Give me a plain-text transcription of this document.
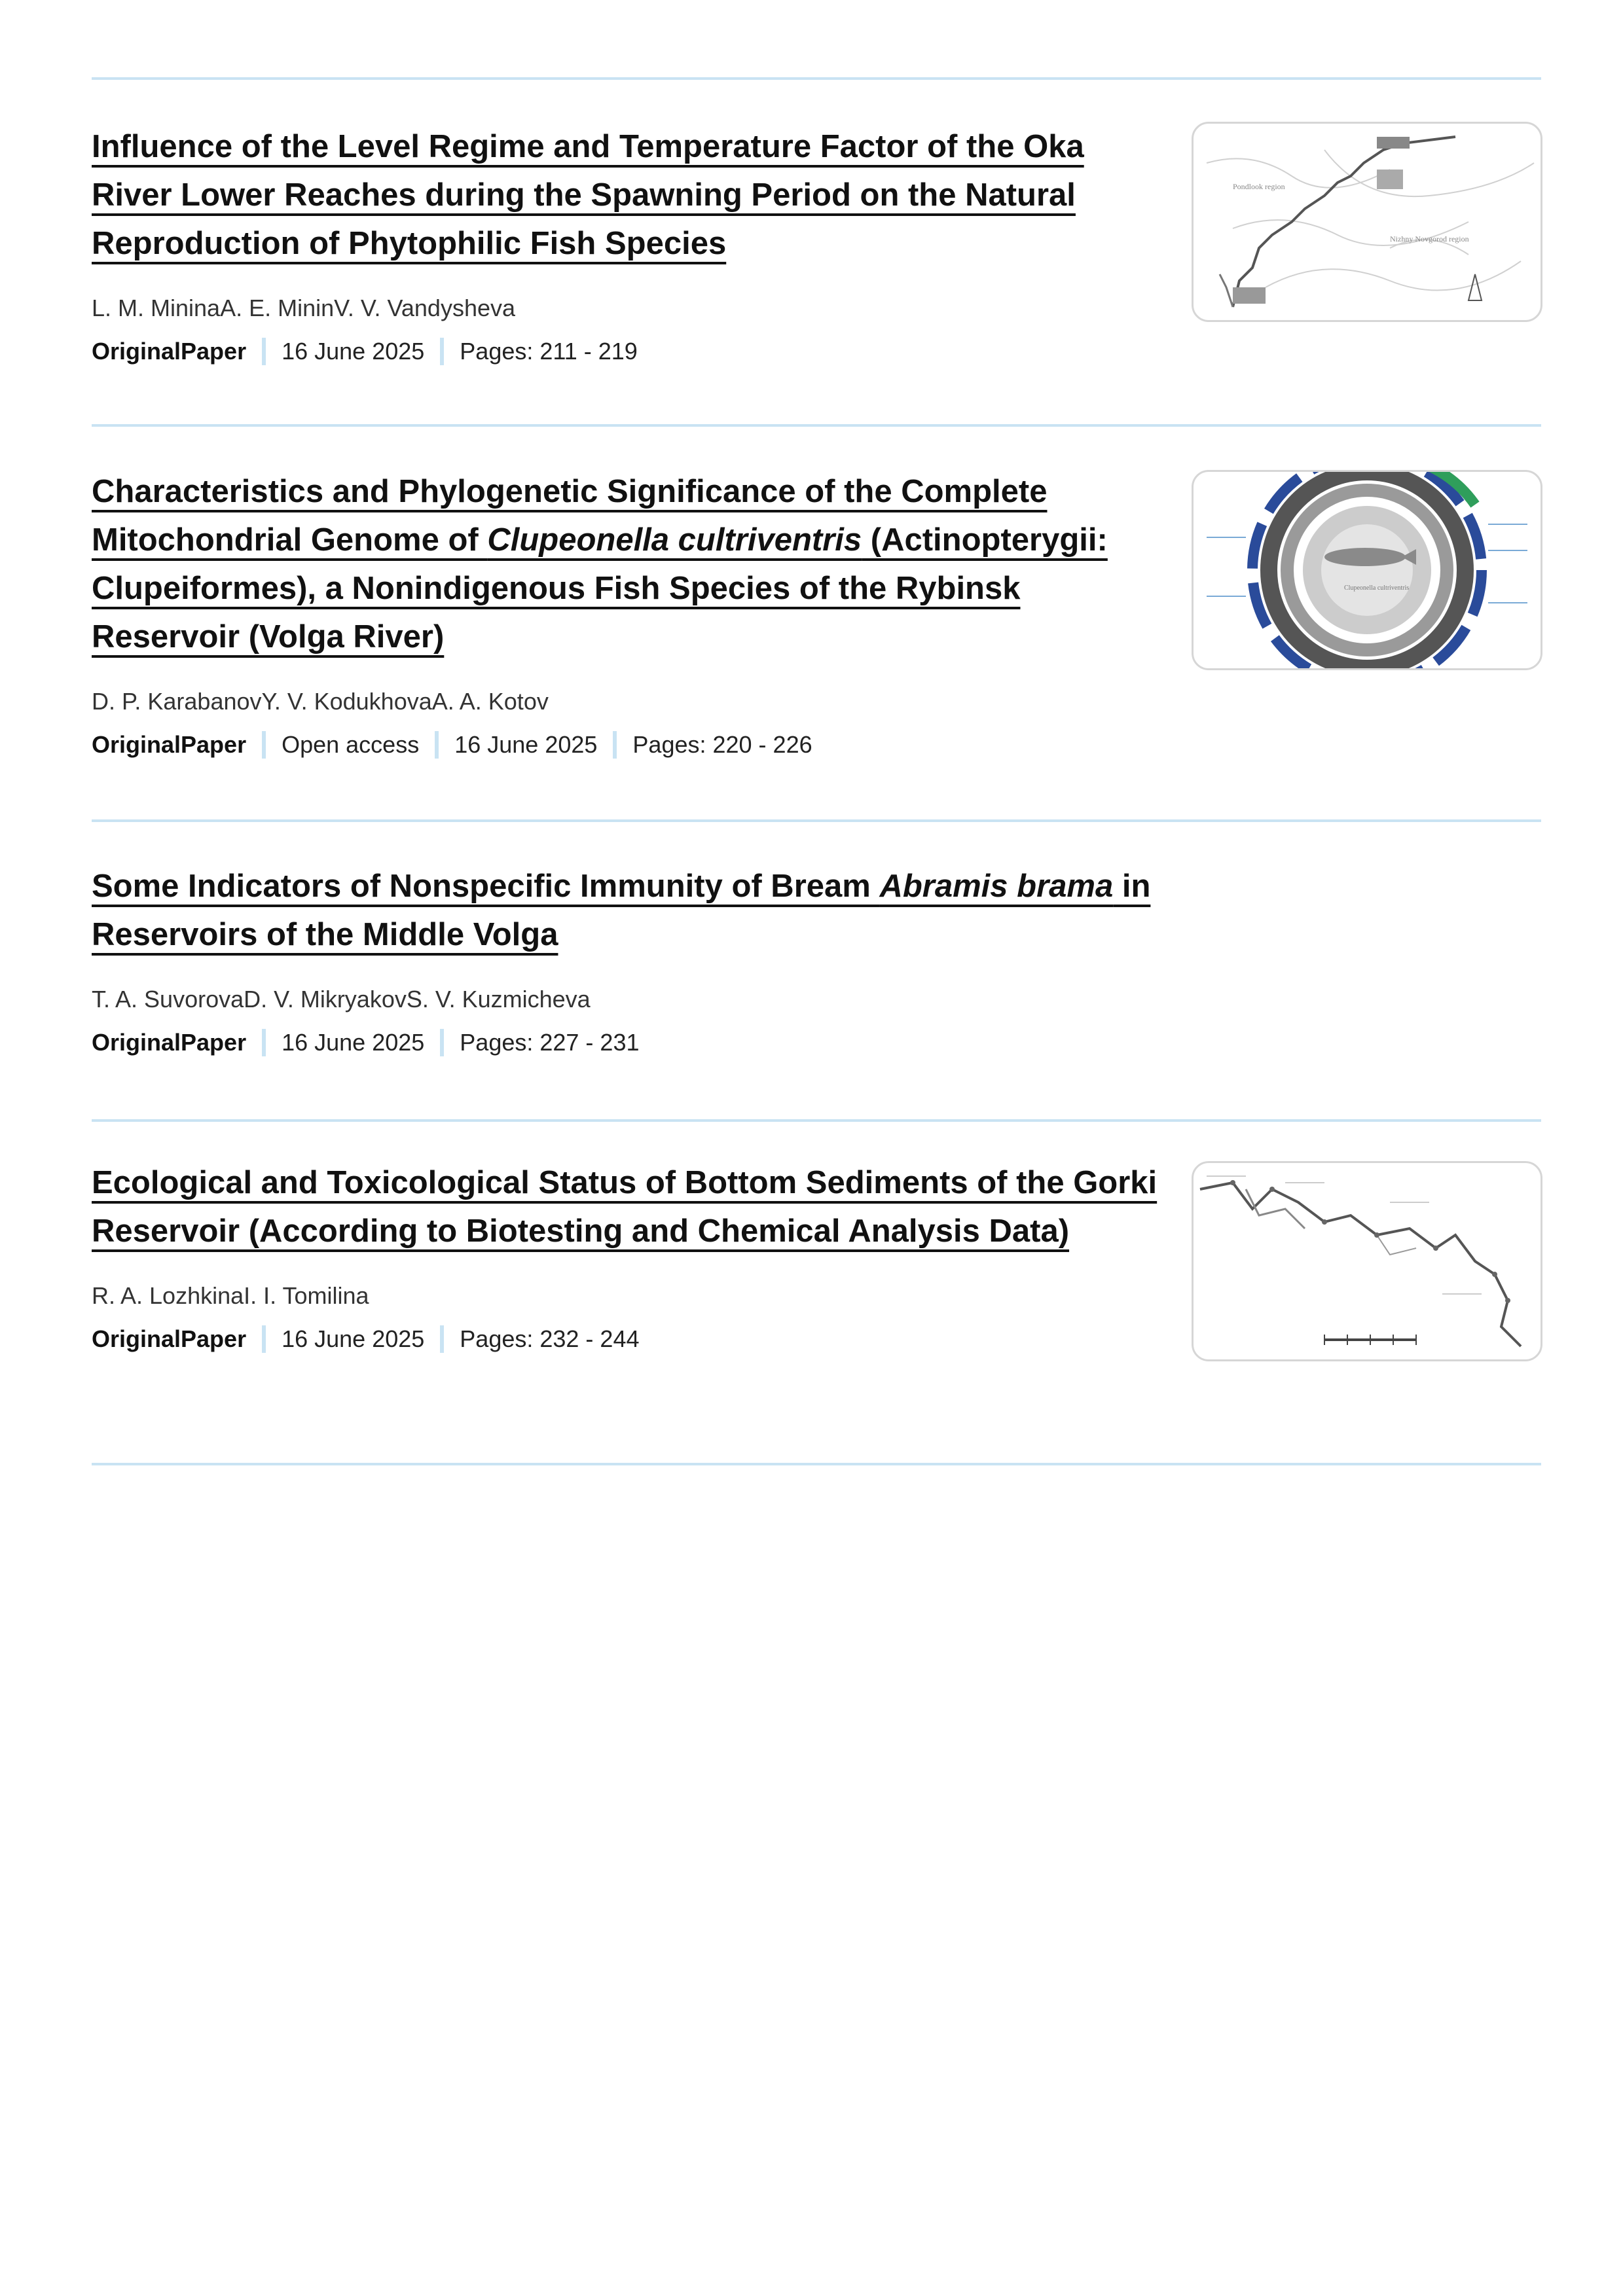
Influence of the Level Regime and Temperature Factor of the Oka River Lower Reaches during the Spawning Period on the Natural Reproduction of Phytophilic Fish Species
L. M. MininaA. E. MininV. V. Vandysheva
OriginalPaper 16 June 2025 Pages: 211 - 219
Pondlook region
Nizhny Novgorod region
Characteristics and Phylogenetic Significance of the Complete Mitochondrial Genome of Clupeonella cultriventris (Actinopterygii: Clupeiformes), a Nonindigenous Fish Species of the Rybinsk Reservoir (Volga River)
D. P. KarabanovY. V. KodukhovaA. A. Kotov
OriginalPaper Open access 16 June 2025 Pages: 220 - 226
Clupeonella cultriventris
Some Indicators of Nonspecific Immunity of Bream Abramis brama in Reservoirs of the Middle Volga
T. A. SuvorovaD. V. MikryakovS. V. Kuzmicheva
OriginalPaper 16 June 2025 Pages: 227 - 231
Ecological and Toxicological Status of Bottom Sediments of the Gorki Reservoir (According to Biotesting and Chemical Analysis Data)
R. A. LozhkinaI. I. Tomilina
OriginalPaper 16 June 2025 Pages: 232 - 244
